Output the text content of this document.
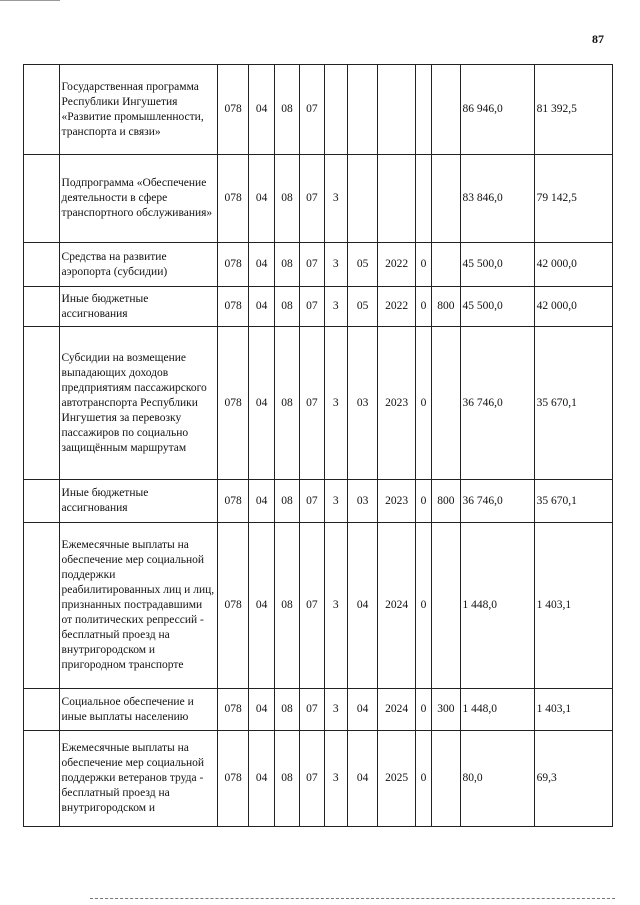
87
	Государственная программа Республики Ингушетия «Развитие промышленности, транспорта и связи»	078	04	08	07						86 946,0	81 392,5
	Подпрограмма «Обеспечение деятельности в сфере транспортного обслуживания»	078	04	08	07	3					83 846,0	79 142,5
	Средства на развитие аэропорта (субсидии)	078	04	08	07	3	05	2022	0		45 500,0	42 000,0
	Иные бюджетные ассигнования	078	04	08	07	3	05	2022	0	800	45 500,0	42 000,0
	Субсидии на возмещение выпадающих доходов предприятиям пассажирского автотранспорта Республики Ингушетия за перевозку пассажиров по социально защищённым маршрутам	078	04	08	07	3	03	2023	0		36 746,0	35 670,1
	Иные бюджетные ассигнования	078	04	08	07	3	03	2023	0	800	36 746,0	35 670,1
	Ежемесячные выплаты на обеспечение мер социальной поддержки реабилитированных лиц и лиц, признанных пострадавшими от политических репрессий - бесплатный проезд на внутригородском и пригородном транспорте	078	04	08	07	3	04	2024	0		1 448,0	1 403,1
	Социальное обеспечение и иные выплаты населению	078	04	08	07	3	04	2024	0	300	1 448,0	1 403,1
	Ежемесячные выплаты на обеспечение мер социальной поддержки ветеранов труда - бесплатный проезд на внутригородском и	078	04	08	07	3	04	2025	0		80,0	69,3
